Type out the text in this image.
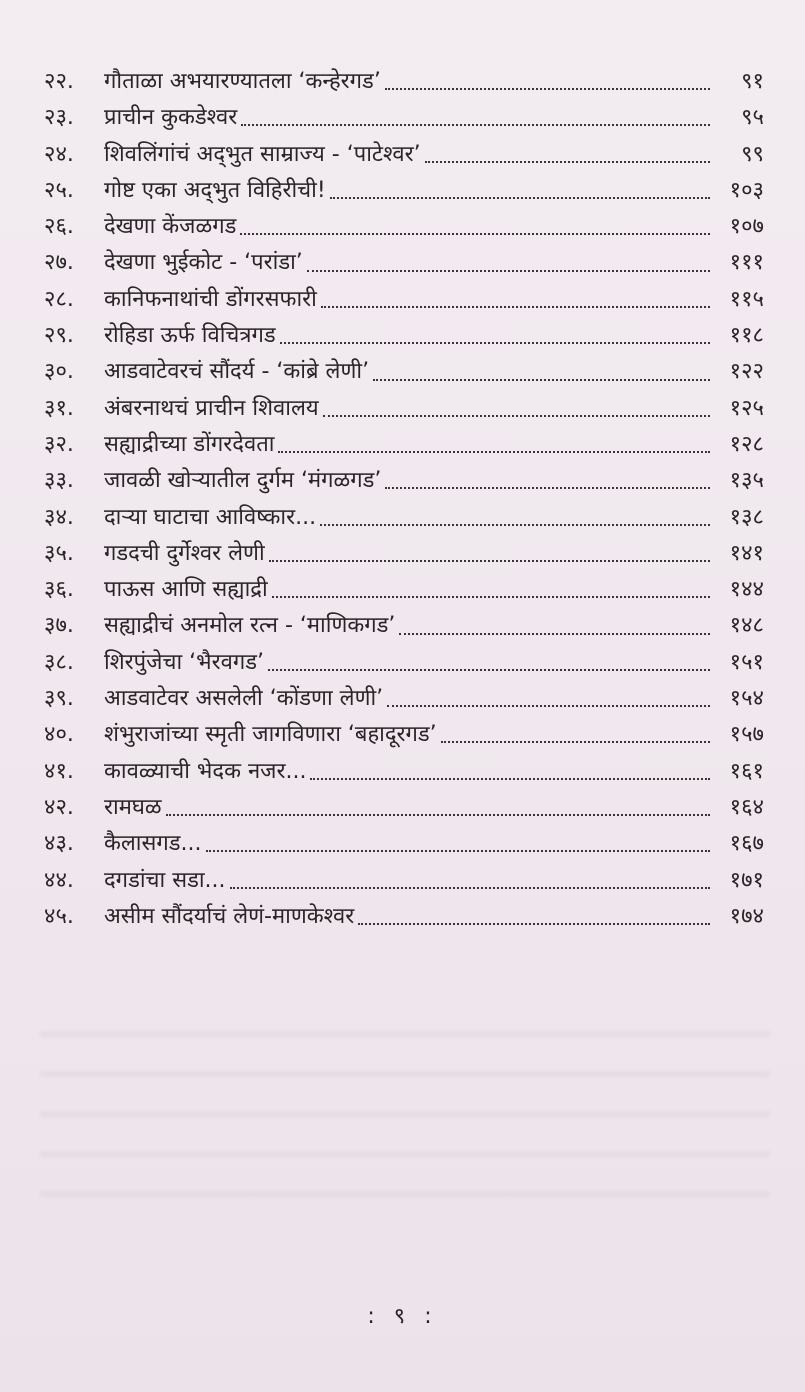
२२.	गौताळा अभयारण्यातला ‘कन्हेरगड’	९१
२३.	प्राचीन कुकडेश्वर	९५
२४.	शिवलिंगांचं अद्‌भुत साम्राज्य - ‘पाटेश्वर’	९९
२५.	गोष्ट एका अद्‌भुत विहिरीची!	१०३
२६.	देखणा केंजळगड	१०७
२७.	देखणा भुईकोट - ‘परांडा’	१११
२८.	कानिफनाथांची डोंगरसफारी	११५
२९.	रोहिडा ऊर्फ विचित्रगड	११८
३०.	आडवाटेवरचं सौंदर्य - ‘कांब्रे लेणी’	१२२
३१.	अंबरनाथचं प्राचीन शिवालय	१२५
३२.	सह्याद्रीच्या डोंगरदेवता	१२८
३३.	जावळी खोऱ्यातील दुर्गम ‘मंगळगड’	१३५
३४.	दाऱ्या घाटाचा आविष्कार...	१३८
३५.	गडदची दुर्गेश्वर लेणी	१४१
३६.	पाऊस आणि सह्याद्री	१४४
३७.	सह्याद्रीचं अनमोल रत्न - ‘माणिकगड’	१४८
३८.	शिरपुंजेचा ‘भैरवगड’	१५१
३९.	आडवाटेवर असलेली ‘कोंडणा लेणी’	१५४
४०.	शंभुराजांच्या स्मृती जागविणारा ‘बहादूरगड’	१५७
४१.	कावळ्याची भेदक नजर...	१६१
४२.	रामघळ	१६४
४३.	कैलासगड...	१६७
४४.	दगडांचा सडा...	१७१
४५.	असीम सौंदर्याचं लेणं-माणकेश्वर	१७४
: ९ :
